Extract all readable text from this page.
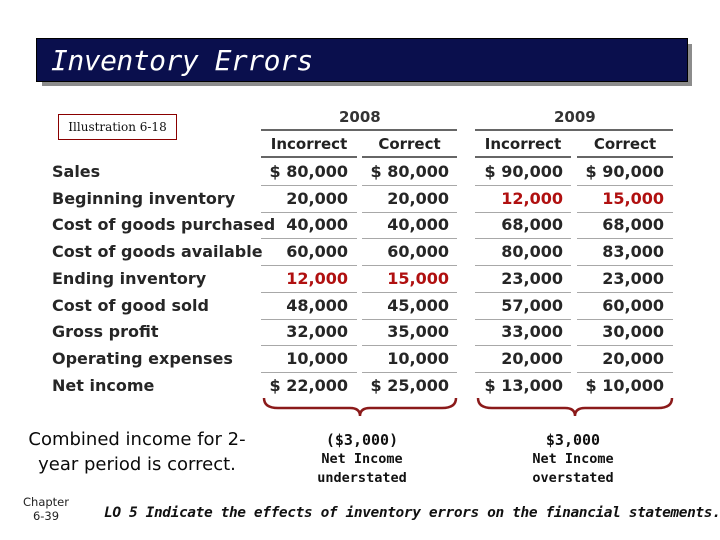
Inventory Errors
Illustration 6-18
2008	2009
Incorrect	Correct	Incorrect	Correct
Sales	$ 80,000 $ 80,000 $ 90,000 $ 90,000
Beginning inventory	20,000	20,000	12,000	15,000
Cost of goods purchased 40,000	40,000	68,000	68,000
Cost of goods available	60,000	60,000	80,000	83,000
Ending inventory	12,000	15,000	23,000	23,000
Cost of good sold	48,000	45,000	57,000	60,000
Gross profit	32,000	35,000	33,000	30,000
Operating expenses	10,000	10,000	20,000	20,000
Net income	$ 22,000 $ 25,000 $ 13,000 $ 10,000
Combined income for 2-year period is correct.
($3,000)
Net Income
understated
$3,000
Net Income
overstated
Chapter
6-39	LO 5 Indicate the effects of inventory errors on the financial statements.
